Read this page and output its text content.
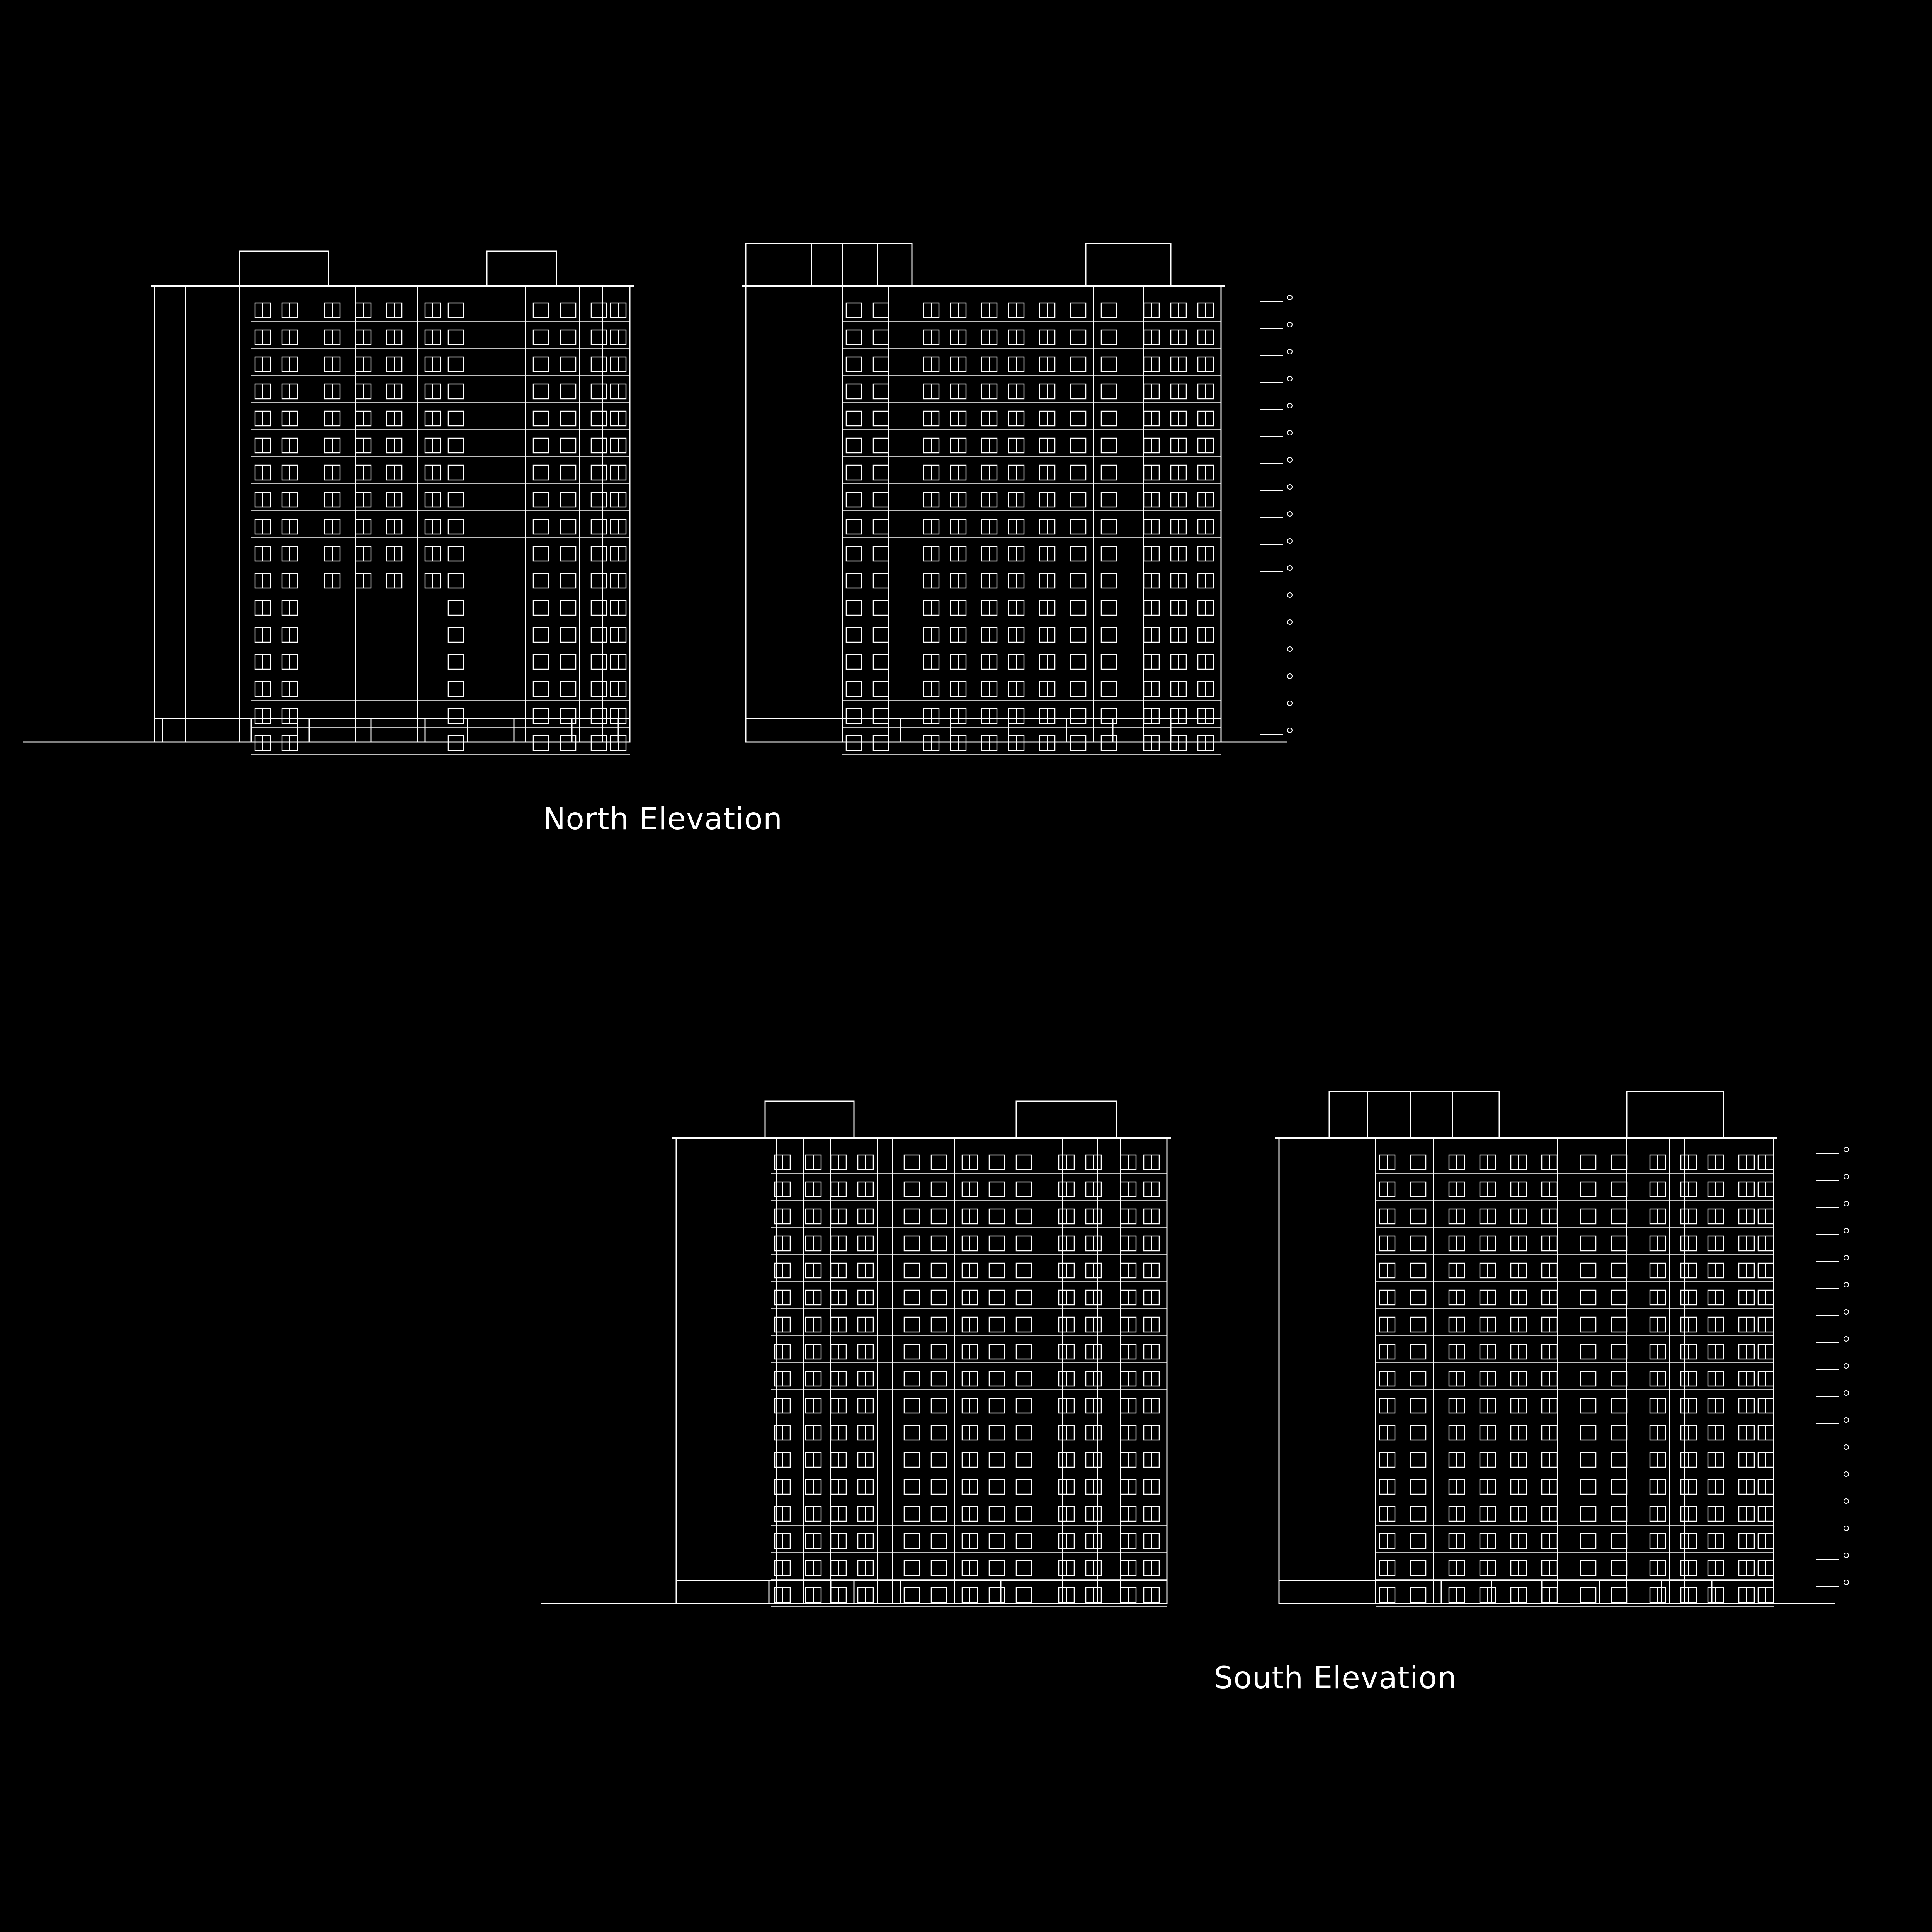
North Elevation
South Elevation
